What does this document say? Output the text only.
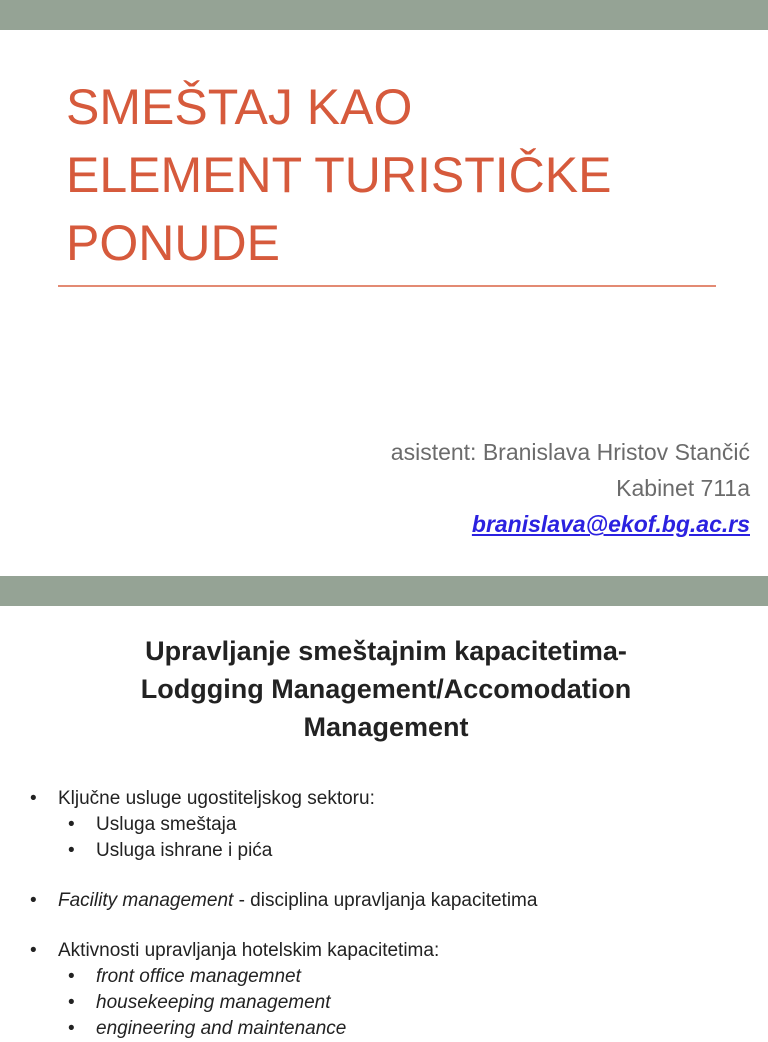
SMEŠTAJ KAO
ELEMENT TURISTIČKE
PONUDE
asistent: Branislava Hristov Stančić
Kabinet 711a
branislava@ekof.bg.ac.rs
Upravljanje smeštajnim kapacitetima-
Lodgging Management/Accomodation
Management
• Ključne usluge ugostiteljskog sektoru:
• Usluga smeštaja
• Usluga ishrane i pića
• Facility management - disciplina upravljanja kapacitetima
• Aktivnosti upravljanja hotelskim kapacitetima:
• front office managemnet
• housekeeping management
• engineering and maintenance
